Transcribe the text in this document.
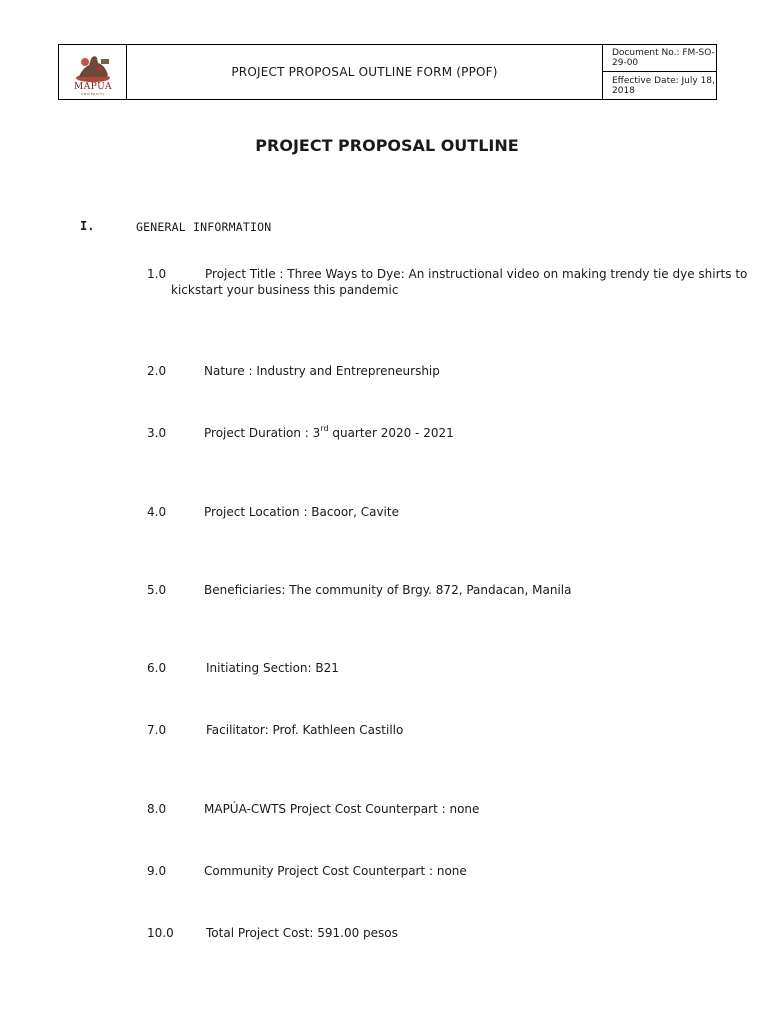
MAPÚA
UNIVERSITY
PROJECT PROPOSAL OUTLINE FORM (PPOF)
Document No.: FM-SO-29-00
Effective Date: July 18, 2018
PROJECT PROPOSAL OUTLINE
I.	GENERAL INFORMATION
1.0	Project Title : Three Ways to Dye: An instructional video on making trendy tie dye shirts to
kickstart your business this pandemic
2.0	Nature : Industry and Entrepreneurship
3.0	Project Duration : 3rd quarter 2020 - 2021
4.0	Project Location : Bacoor, Cavite
5.0	Beneficiaries: The community of Brgy. 872, Pandacan, Manila
6.0	Initiating Section: B21
7.0	Facilitator: Prof. Kathleen Castillo
8.0	MAPÚA-CWTS Project Cost Counterpart : none
9.0	Community Project Cost Counterpart : none
10.0	Total Project Cost: 591.00 pesos
